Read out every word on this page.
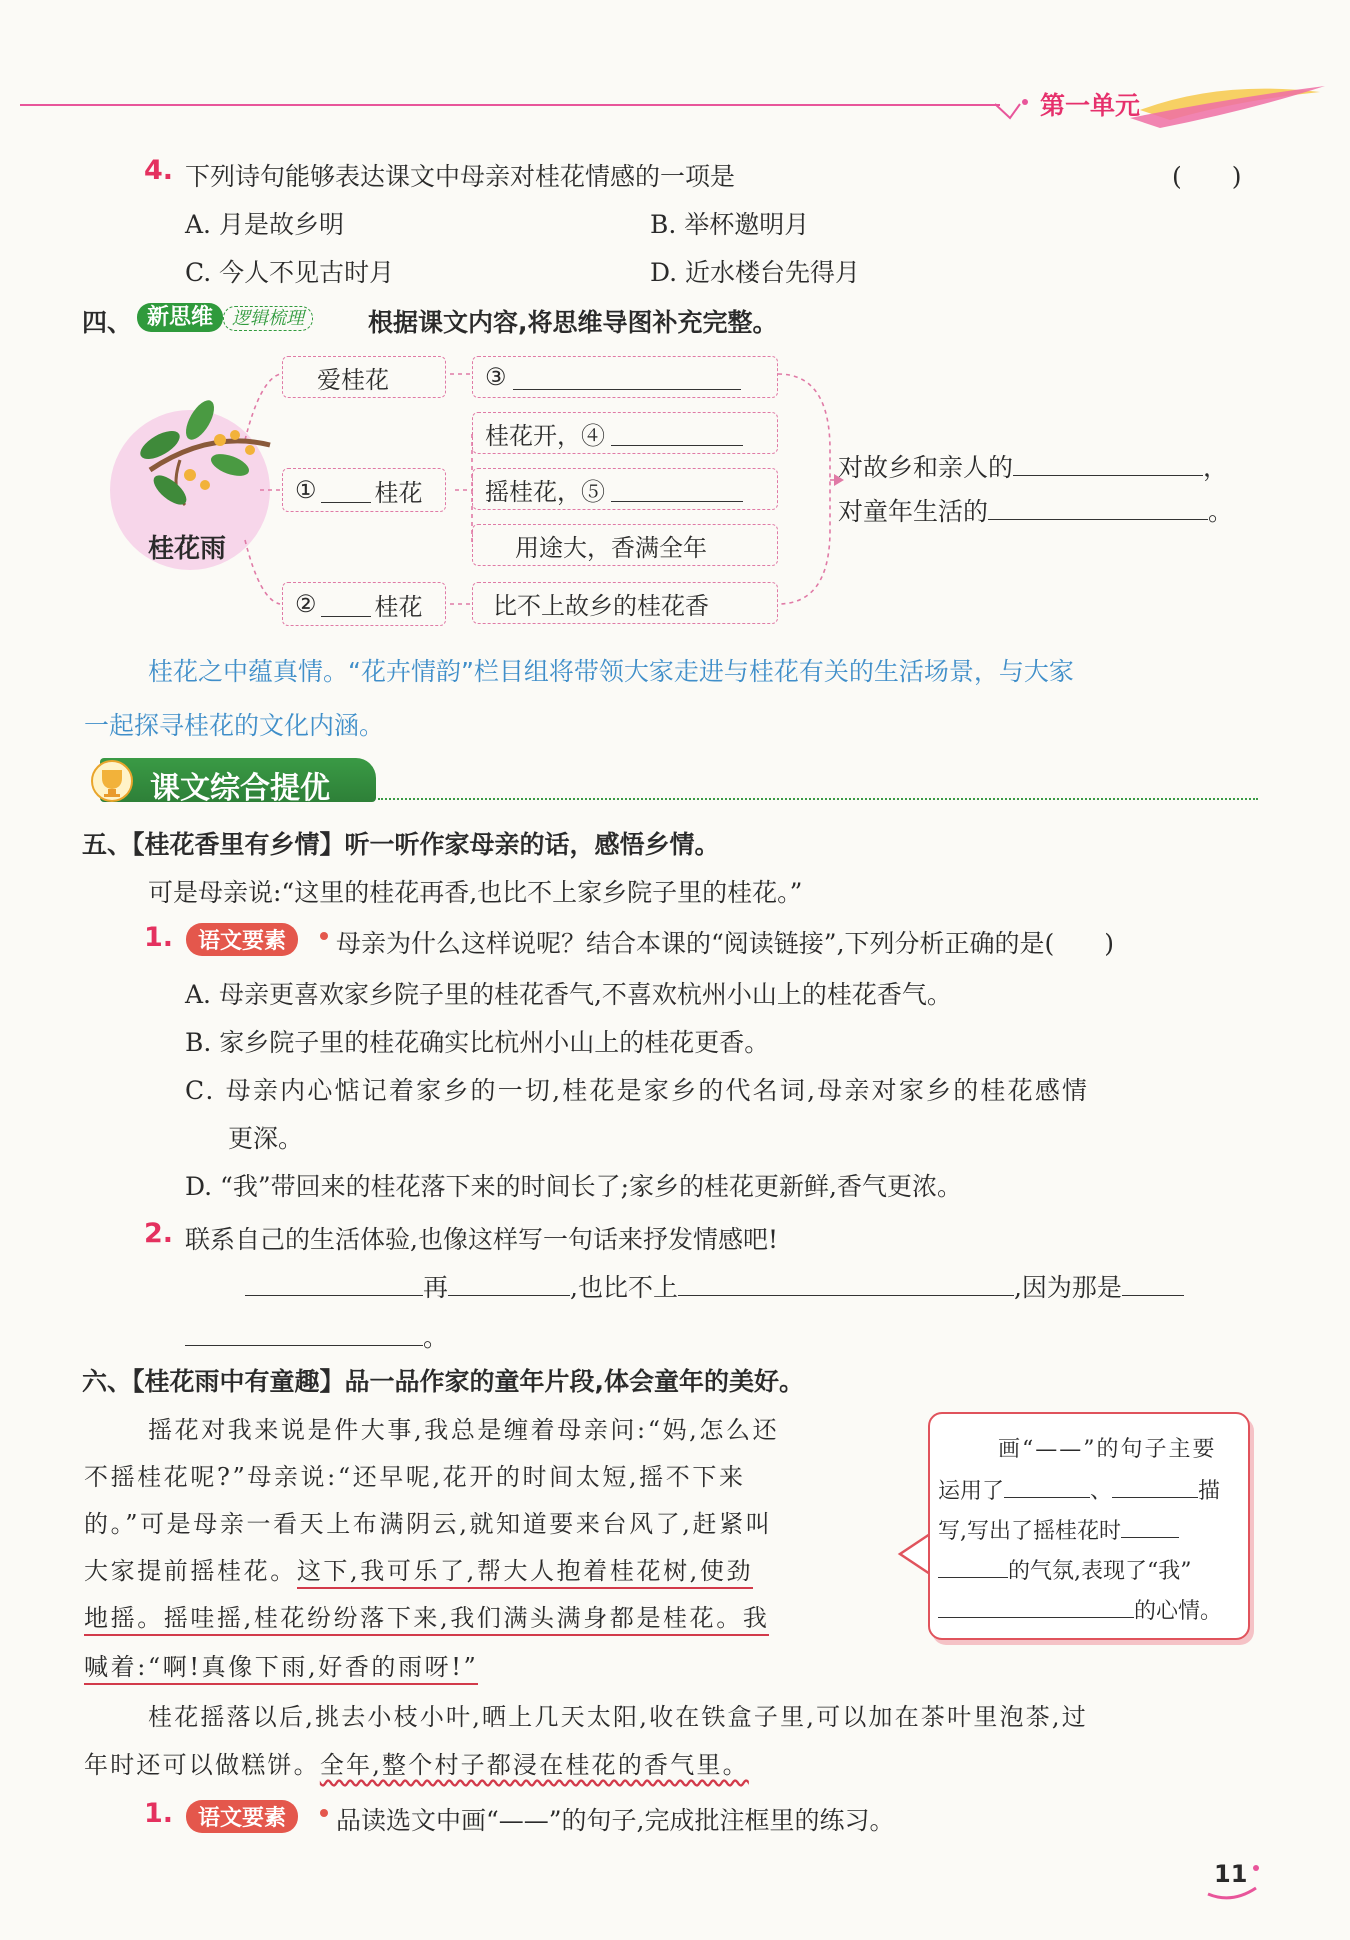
第一单元
4. 下列诗句能够表达课文中母亲对桂花情感的一项是	(　　)
A. 月是故乡明	B. 举杯邀明月
C. 今人不见古时月	D. 近水楼台先得月
四、 新思维 逻辑梳理	根据课文内容,将思维导图补充完整。
桂花雨
爱桂花
① 桂花
② 桂花
③
桂花开，④
摇桂花，⑤
用途大，香满全年
比不上故乡的桂花香
对故乡和亲人的	，
对童年生活的	。
桂花之中蕴真情。“花卉情韵”栏目组将带领大家走进与桂花有关的生活场景，与大家
一起探寻桂花的文化内涵。
课文综合提优
五、【桂花香里有乡情】听一听作家母亲的话，感悟乡情。
可是母亲说:“这里的桂花再香,也比不上家乡院子里的桂花。”
1.	语文要素	母亲为什么这样说呢？结合本课的“阅读链接”,下列分析正确的是(　　)
A. 母亲更喜欢家乡院子里的桂花香气,不喜欢杭州小山上的桂花香气。
B. 家乡院子里的桂花确实比杭州小山上的桂花更香。
C. 母亲内心惦记着家乡的一切,桂花是家乡的代名词,母亲对家乡的桂花感情
更深。
D. “我”带回来的桂花落下来的时间长了;家乡的桂花更新鲜,香气更浓。
2. 联系自己的生活体验,也像这样写一句话来抒发情感吧!
再	,也比不上	,因为那是
。
六、【桂花雨中有童趣】品一品作家的童年片段,体会童年的美好。
摇花对我来说是件大事,我总是缠着母亲问:“妈,怎么还
不摇桂花呢?”母亲说:“还早呢,花开的时间太短,摇不下来
的。”可是母亲一看天上布满阴云,就知道要来台风了,赶紧叫
大家提前摇桂花。这下,我可乐了,帮大人抱着桂花树,使劲
地摇。摇哇摇,桂花纷纷落下来,我们满头满身都是桂花。我
喊着:“啊!真像下雨,好香的雨呀!”
桂花摇落以后,挑去小枝小叶,晒上几天太阳,收在铁盒子里,可以加在茶叶里泡茶,过
年时还可以做糕饼。全年,整个村子都浸在桂花的香气里。
画“——”的句子主要
运用了	、	描
写,写出了摇桂花时
的气氛,表现了“我”
的心情。
1.	语文要素	品读选文中画“——”的句子,完成批注框里的练习。
11
